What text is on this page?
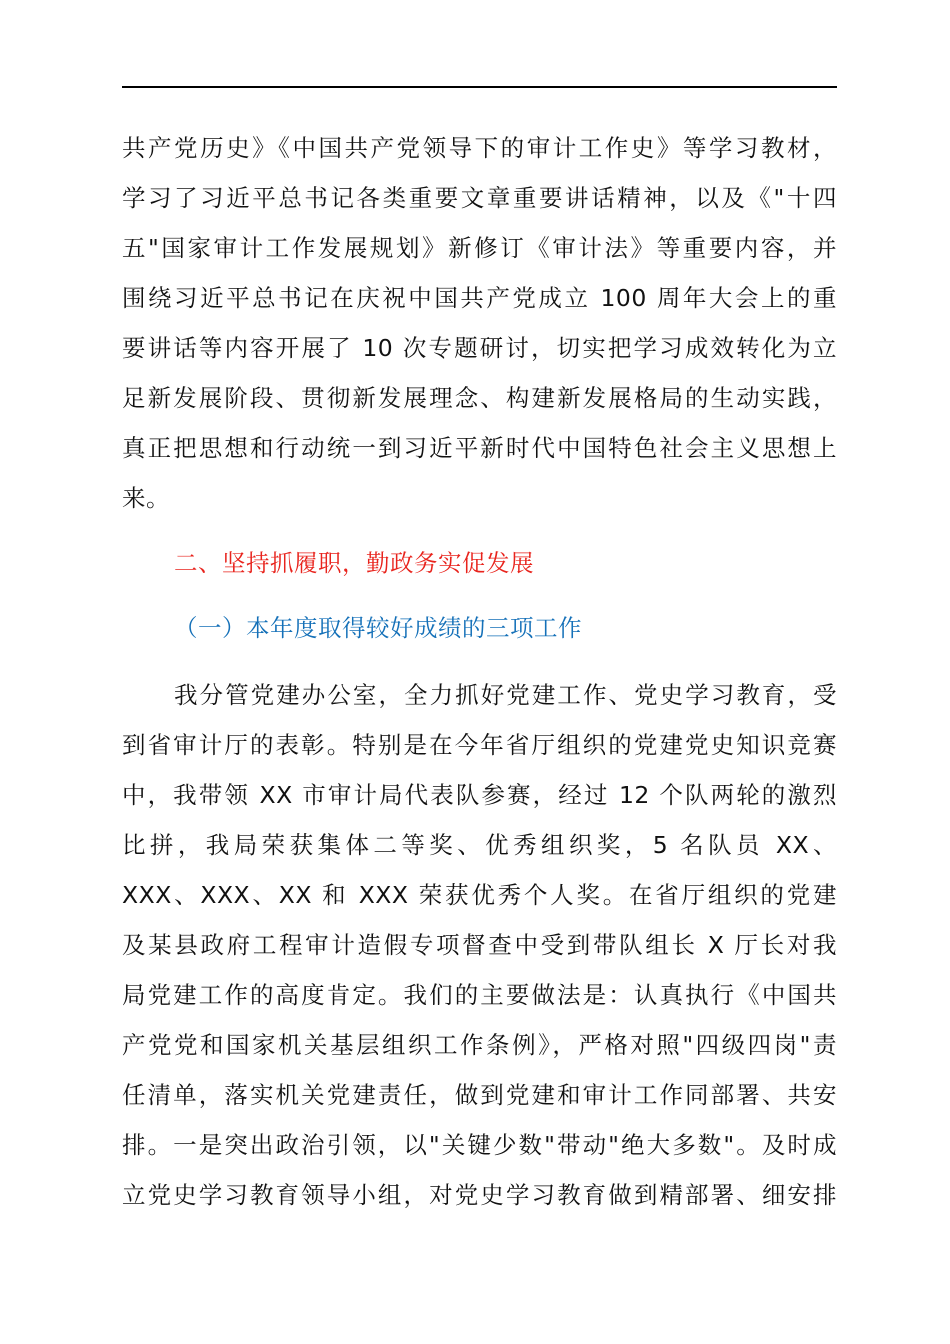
共产党历史》《中国共产党领导下的审计工作史》等学习教材，
学习了习近平总书记各类重要文章重要讲话精神，以及《"十四
五"国家审计工作发展规划》新修订《审计法》等重要内容，并
围绕习近平总书记在庆祝中国共产党成立 100 周年大会上的重
要讲话等内容开展了 10 次专题研讨，切实把学习成效转化为立
足新发展阶段、贯彻新发展理念、构建新发展格局的生动实践，
真正把思想和行动统一到习近平新时代中国特色社会主义思想上
来。
二、坚持抓履职，勤政务实促发展
（一）本年度取得较好成绩的三项工作
我分管党建办公室，全力抓好党建工作、党史学习教育，受
到省审计厅的表彰。特别是在今年省厅组织的党建党史知识竞赛
中，我带领 XX 市审计局代表队参赛，经过 12 个队两轮的激烈
比拼，我局荣获集体二等奖、优秀组织奖，5 名队员 XX、
XXX、XXX、XX 和 XXX 荣获优秀个人奖。在省厅组织的党建
及某县政府工程审计造假专项督查中受到带队组长 X 厅长对我
局党建工作的高度肯定。我们的主要做法是：认真执行《中国共
产党党和国家机关基层组织工作条例》，严格对照"四级四岗"责
任清单，落实机关党建责任，做到党建和审计工作同部署、共安
排。一是突出政治引领，以"关键少数"带动"绝大多数"。及时成
立党史学习教育领导小组，对党史学习教育做到精部署、细安排
